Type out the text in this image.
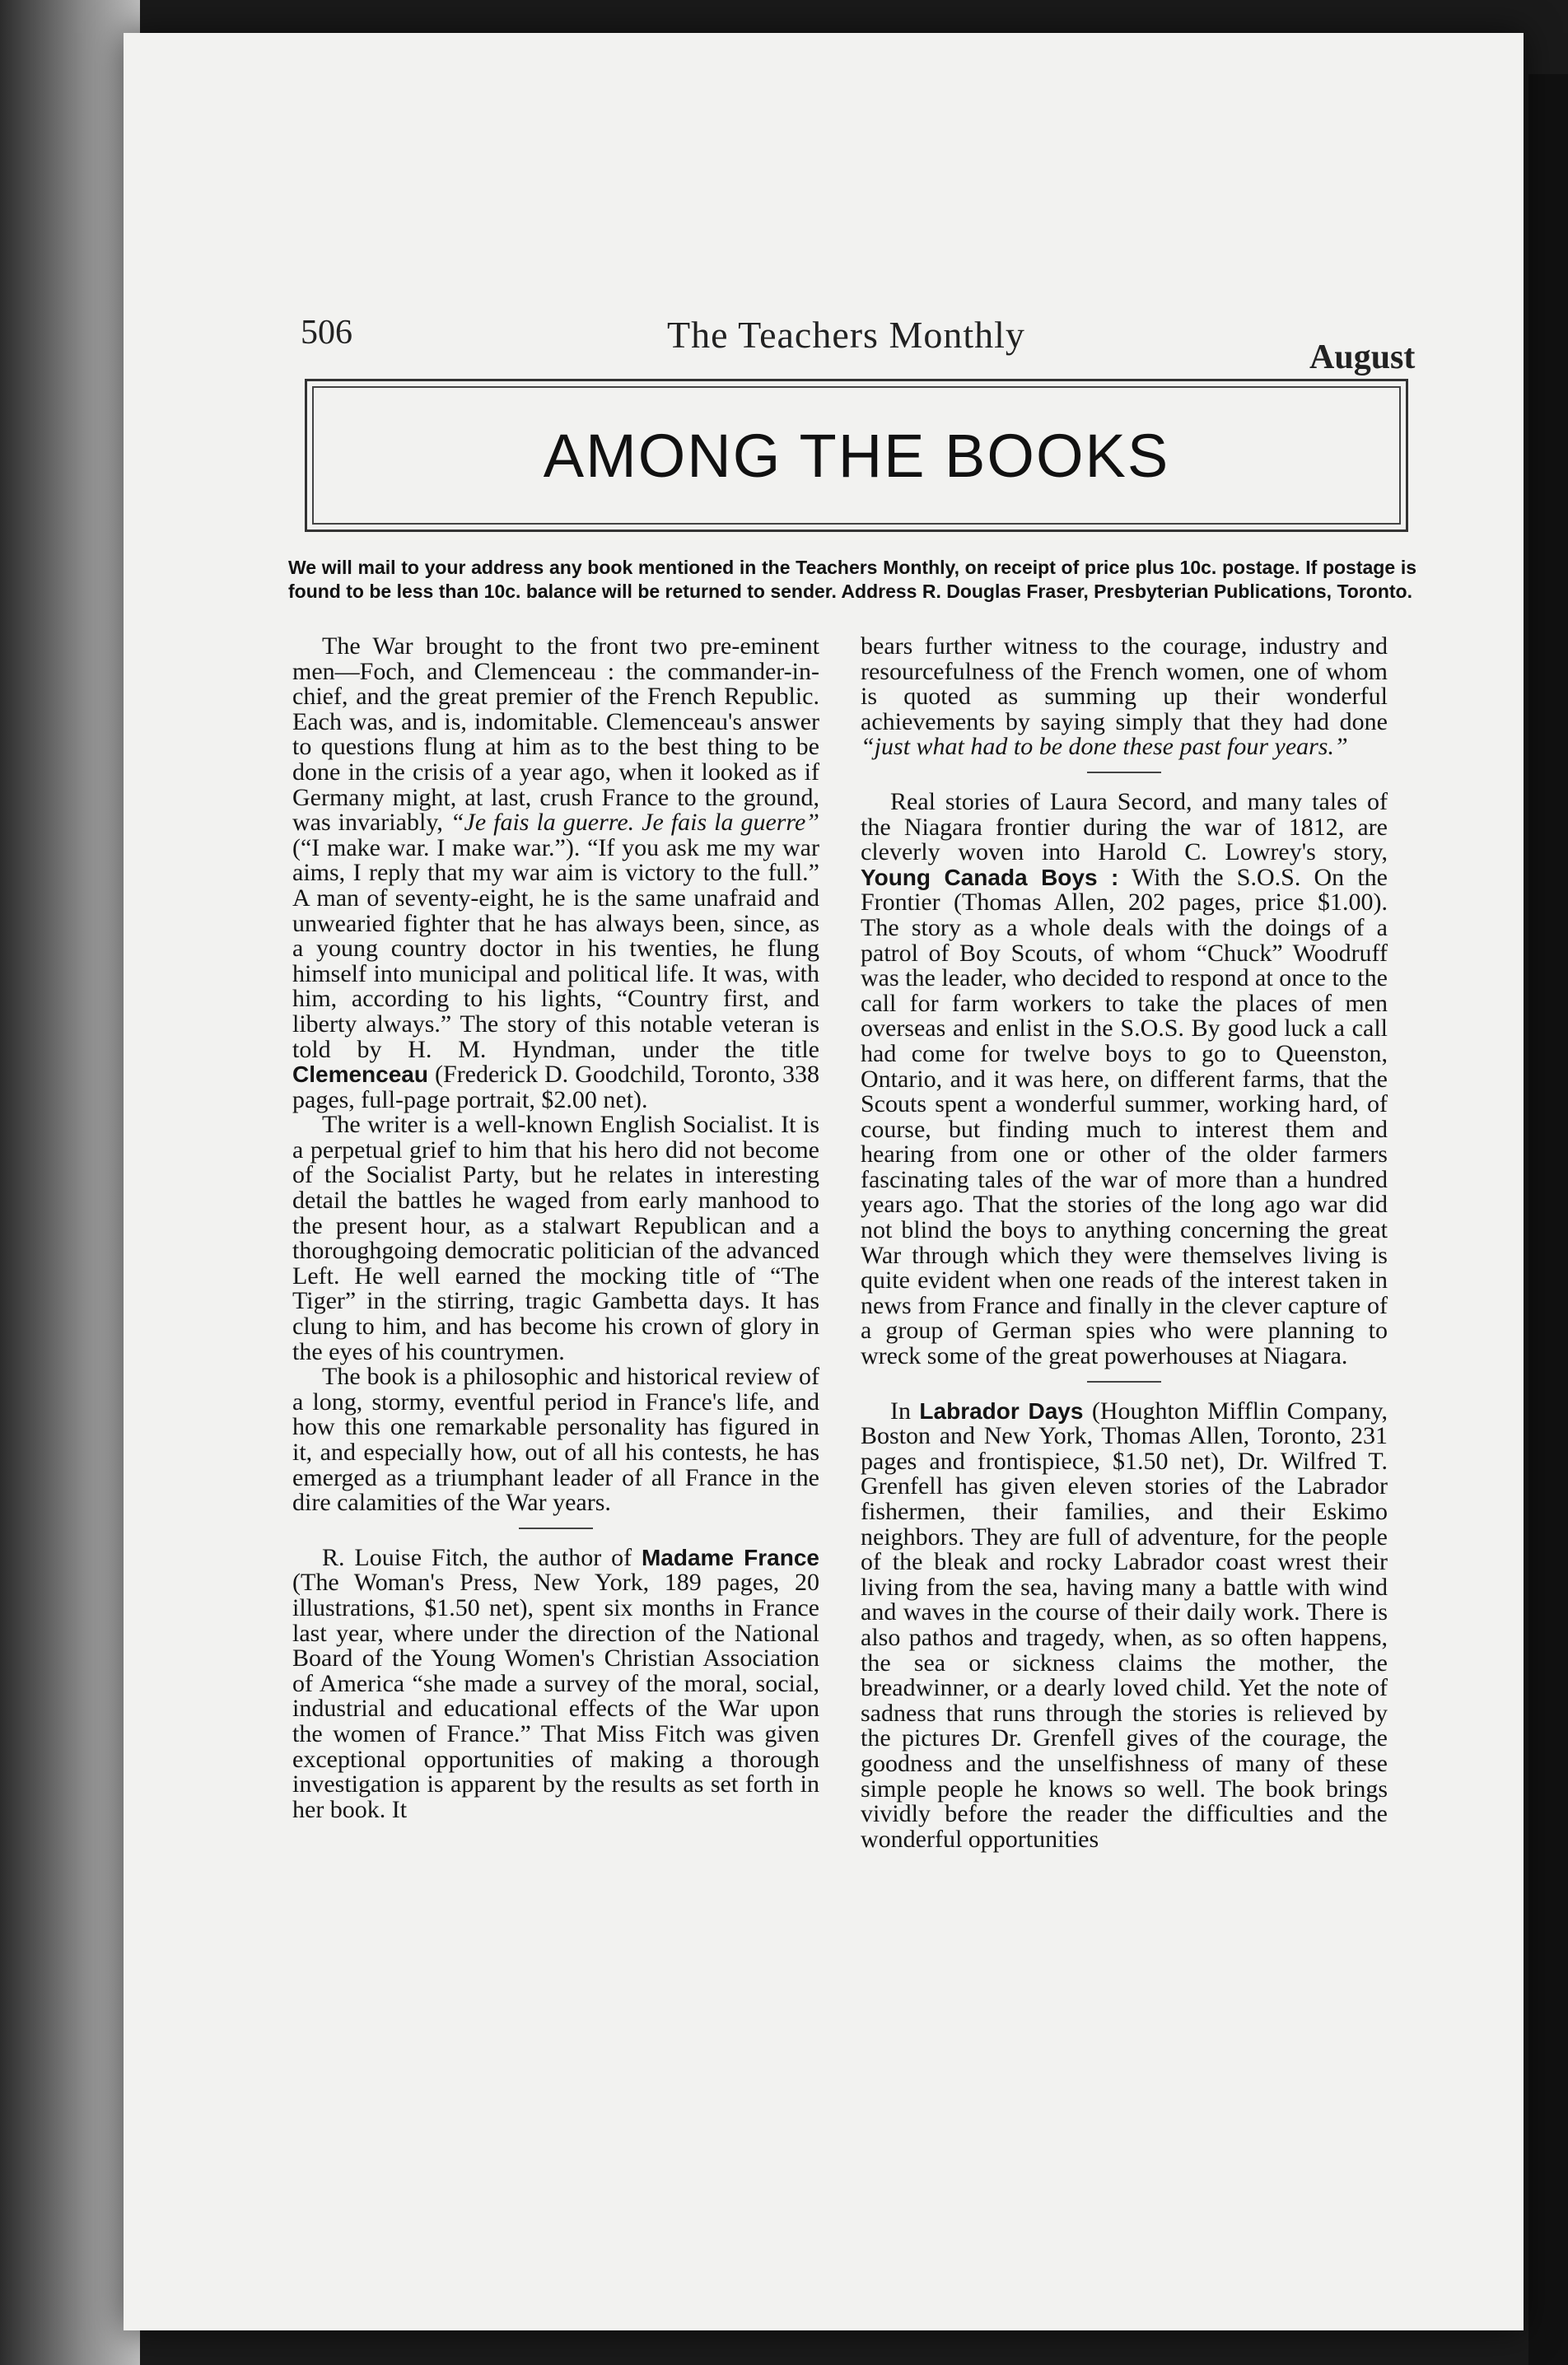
506	The Teachers Monthly
August
AMONG THE BOOKS
We will mail to your address any book mentioned in the Teachers Monthly, on receipt of price plus 10c. postage. If postage is found to be less than 10c. balance will be returned to sender. Address R. Douglas Fraser, Presbyterian Publications, Toronto.

The War brought to the front two pre-eminent men—Foch, and Clemenceau : the commander-in-chief, and the great premier of the French Republic. Each was, and is, indomitable. Clemenceau's answer to questions flung at him as to the best thing to be done in the crisis of a year ago, when it looked as if Germany might, at last, crush France to the ground, was invariably, “Je fais la guerre. Je fais la guerre” (“I make war. I make war.”). “If you ask me my war aims, I reply that my war aim is victory to the full.” A man of seventy-eight, he is the same unafraid and unwearied fighter that he has always been, since, as a young country doctor in his twenties, he flung himself into municipal and political life. It was, with him, according to his lights, “Country first, and liberty always.” The story of this notable veteran is told by H. M. Hyndman, under the title Clemenceau (Frederick D. Goodchild, Toronto, 338 pages, full-page portrait, $2.00 net).

The writer is a well-known English Socialist. It is a perpetual grief to him that his hero did not become of the Socialist Party, but he relates in interesting detail the battles he waged from early manhood to the present hour, as a stalwart Republican and a thoroughgoing democratic politician of the advanced Left. He well earned the mocking title of “The Tiger” in the stirring, tragic Gambetta days. It has clung to him, and has become his crown of glory in the eyes of his countrymen.

The book is a philosophic and historical review of a long, stormy, eventful period in France's life, and how this one remarkable personality has figured in it, and especially how, out of all his contests, he has emerged as a triumphant leader of all France in the dire calamities of the War years.

R. Louise Fitch, the author of Madame France (The Woman's Press, New York, 189 pages, 20 illustrations, $1.50 net), spent six months in France last year, where under the direction of the National Board of the Young Women's Christian Association of America “she made a survey of the moral, social, industrial and educational effects of the War upon the women of France.” That Miss Fitch was given exceptional opportunities of making a thorough investigation is apparent by the results as set forth in her book. It

bears further witness to the courage, industry and resourcefulness of the French women, one of whom is quoted as summing up their wonderful achievements by saying simply that they had done “just what had to be done these past four years.”

Real stories of Laura Secord, and many tales of the Niagara frontier during the war of 1812, are cleverly woven into Harold C. Lowrey's story, Young Canada Boys : With the S.O.S. On the Frontier (Thomas Allen, 202 pages, price $1.00). The story as a whole deals with the doings of a patrol of Boy Scouts, of whom “Chuck” Woodruff was the leader, who decided to respond at once to the call for farm workers to take the places of men overseas and enlist in the S.O.S. By good luck a call had come for twelve boys to go to Queenston, Ontario, and it was here, on different farms, that the Scouts spent a wonderful summer, working hard, of course, but finding much to interest them and hearing from one or other of the older farmers fascinating tales of the war of more than a hundred years ago. That the stories of the long ago war did not blind the boys to anything concerning the great War through which they were themselves living is quite evident when one reads of the interest taken in news from France and finally in the clever capture of a group of German spies who were planning to wreck some of the great powerhouses at Niagara.

In Labrador Days (Houghton Mifflin Company, Boston and New York, Thomas Allen, Toronto, 231 pages and frontispiece, $1.50 net), Dr. Wilfred T. Grenfell has given eleven stories of the Labrador fishermen, their families, and their Eskimo neighbors. They are full of adventure, for the people of the bleak and rocky Labrador coast wrest their living from the sea, having many a battle with wind and waves in the course of their daily work. There is also pathos and tragedy, when, as so often happens, the sea or sickness claims the mother, the breadwinner, or a dearly loved child. Yet the note of sadness that runs through the stories is relieved by the pictures Dr. Grenfell gives of the courage, the goodness and the unselfishness of many of these simple people he knows so well. The book brings vividly before the reader the difficulties and the wonderful opportunities
